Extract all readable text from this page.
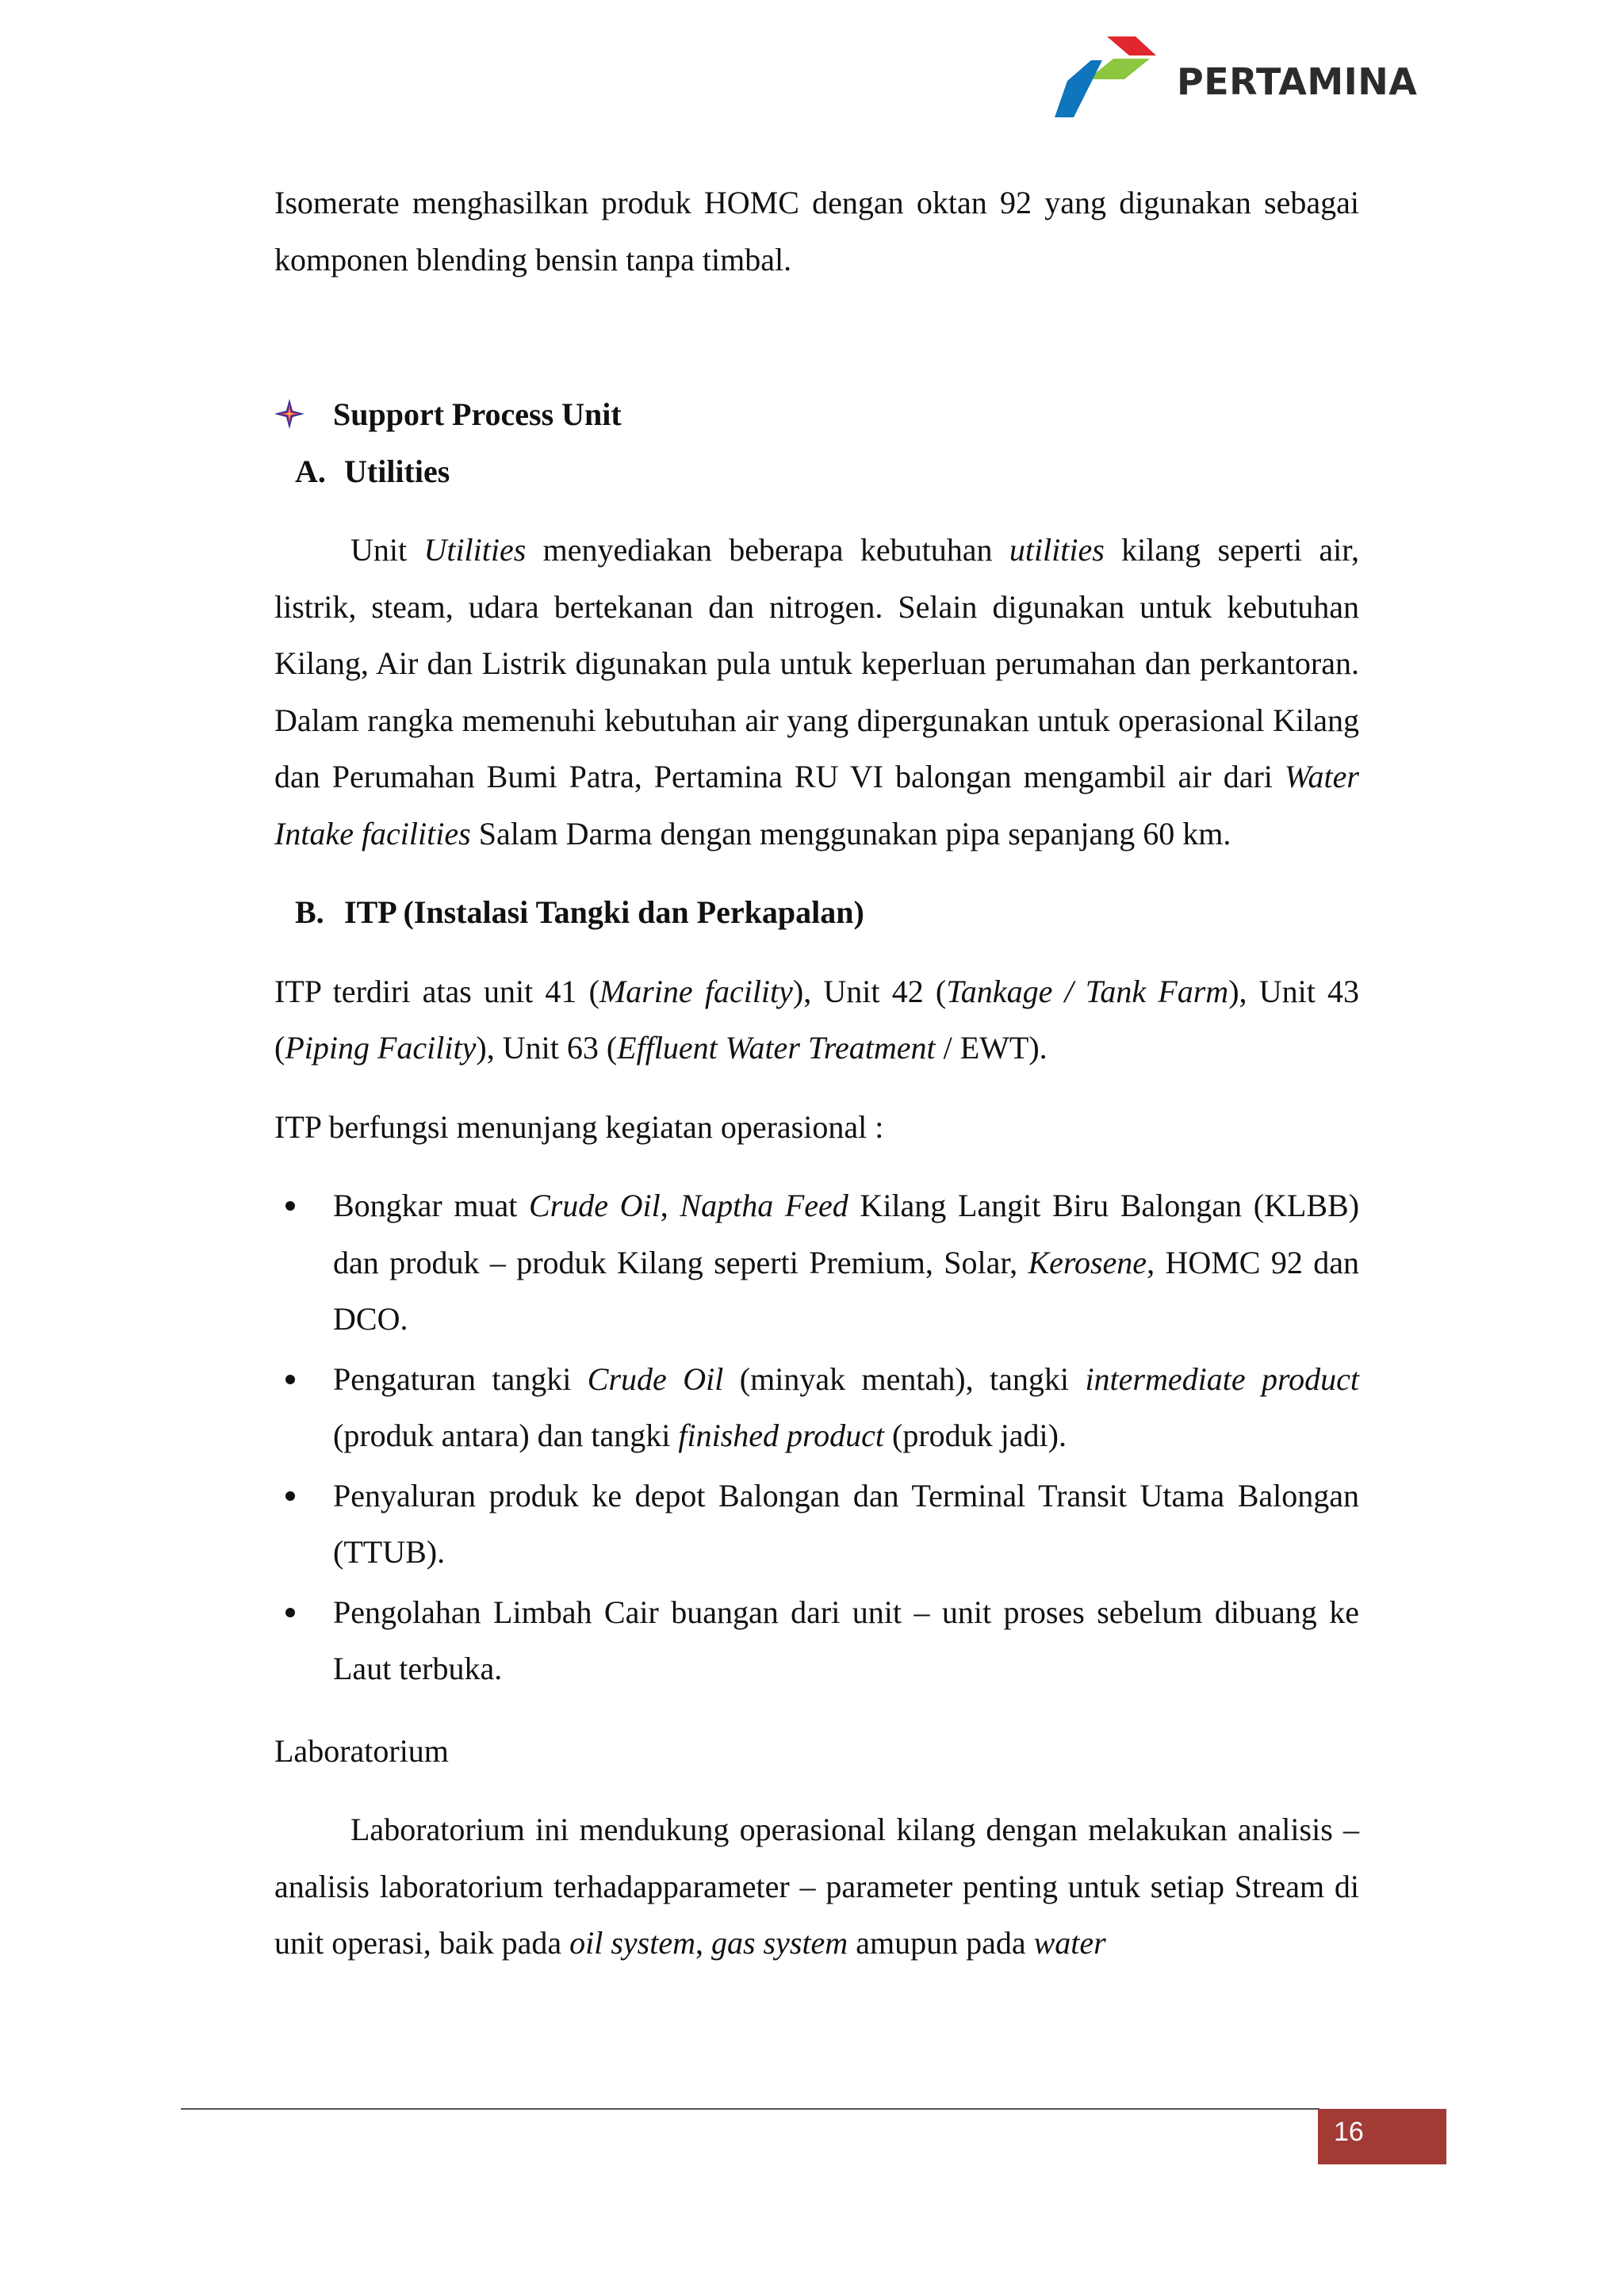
PERTAMINA

Isomerate menghasilkan produk HOMC dengan oktan 92 yang digunakan sebagai komponen blending bensin tanpa timbal.

Support Process Unit

A. Utilities

Unit Utilities menyediakan beberapa kebutuhan utilities kilang seperti air, listrik, steam, udara bertekanan dan nitrogen. Selain digunakan untuk kebutuhan Kilang, Air dan Listrik digunakan pula untuk keperluan perumahan dan perkantoran. Dalam rangka memenuhi kebutuhan air yang dipergunakan untuk operasional Kilang dan Perumahan Bumi Patra, Pertamina RU VI balongan mengambil air dari Water Intake facilities Salam Darma dengan menggunakan pipa sepanjang 60 km.

B. ITP (Instalasi Tangki dan Perkapalan)

ITP terdiri atas unit 41 (Marine facility), Unit 42 (Tankage / Tank Farm), Unit 43 (Piping Facility), Unit 63 (Effluent Water Treatment / EWT).

ITP berfungsi menunjang kegiatan operasional :

Bongkar muat Crude Oil, Naptha Feed Kilang Langit Biru Balongan (KLBB) dan produk – produk Kilang seperti Premium, Solar, Kerosene, HOMC 92 dan DCO.
Pengaturan tangki Crude Oil (minyak mentah), tangki intermediate product (produk antara) dan tangki finished product (produk jadi).
Penyaluran produk ke depot Balongan dan Terminal Transit Utama Balongan (TTUB).
Pengolahan Limbah Cair buangan dari unit – unit proses sebelum dibuang ke Laut terbuka.

Laboratorium

Laboratorium ini mendukung operasional kilang dengan melakukan analisis – analisis laboratorium terhadapparameter – parameter penting untuk setiap Stream di unit operasi, baik pada oil system, gas system amupun pada water

16
